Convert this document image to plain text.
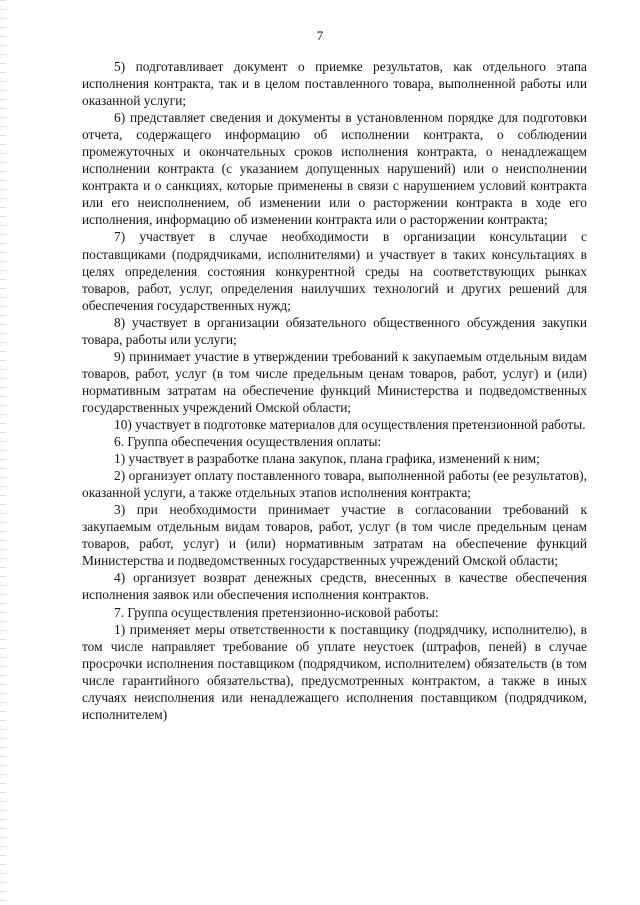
7

5) подготавливает документ о приемке результатов, как отдельного этапа исполнения контракта, так и в целом поставленного товара, выполненной работы или оказанной услуги;

6) представляет сведения и документы в установленном порядке для подготовки отчета, содержащего информацию об исполнении контракта, о соблюдении промежуточных и окончательных сроков исполнения контракта, о ненадлежащем исполнении контракта (с указанием допущенных нарушений) или о неисполнении контракта и о санкциях, которые применены в связи с нарушением условий контракта или его неисполнением, об изменении или о расторжении контракта в ходе его исполнения, информацию об изменении контракта или о расторжении контракта;

7) участвует в случае необходимости в организации консультации с поставщиками (подрядчиками, исполнителями) и участвует в таких консультациях в целях определения состояния конкурентной среды на соответствующих рынках товаров, работ, услуг, определения наилучших технологий и других решений для обеспечения государственных нужд;

8) участвует в организации обязательного общественного обсуждения закупки товара, работы или услуги;

9) принимает участие в утверждении требований к закупаемым отдельным видам товаров, работ, услуг (в том числе предельным ценам товаров, работ, услуг) и (или) нормативным затратам на обеспечение функций Министерства и подведомственных государственных учреждений Омской области;

10) участвует в подготовке материалов для осуществления претензионной работы.

6. Группа обеспечения осуществления оплаты:

1) участвует в разработке плана закупок, плана графика, изменений к ним;

2) организует оплату поставленного товара, выполненной работы (ее результатов), оказанной услуги, а также отдельных этапов исполнения контракта;

3) при необходимости принимает участие в согласовании требований к закупаемым отдельным видам товаров, работ, услуг (в том числе предельным ценам товаров, работ, услуг) и (или) нормативным затратам на обеспечение функций Министерства и подведомственных государственных учреждений Омской области;

4) организует возврат денежных средств, внесенных в качестве обеспечения исполнения заявок или обеспечения исполнения контрактов.

7. Группа осуществления претензионно-исковой работы:

1) применяет меры ответственности к поставщику (подрядчику, исполнителю), в том числе направляет требование об уплате неустоек (штрафов, пеней) в случае просрочки исполнения поставщиком (подрядчиком, исполнителем) обязательств (в том числе гарантийного обязательства), предусмотренных контрактом, а также в иных случаях неисполнения или ненадлежащего исполнения поставщиком (подрядчиком, исполнителем)
